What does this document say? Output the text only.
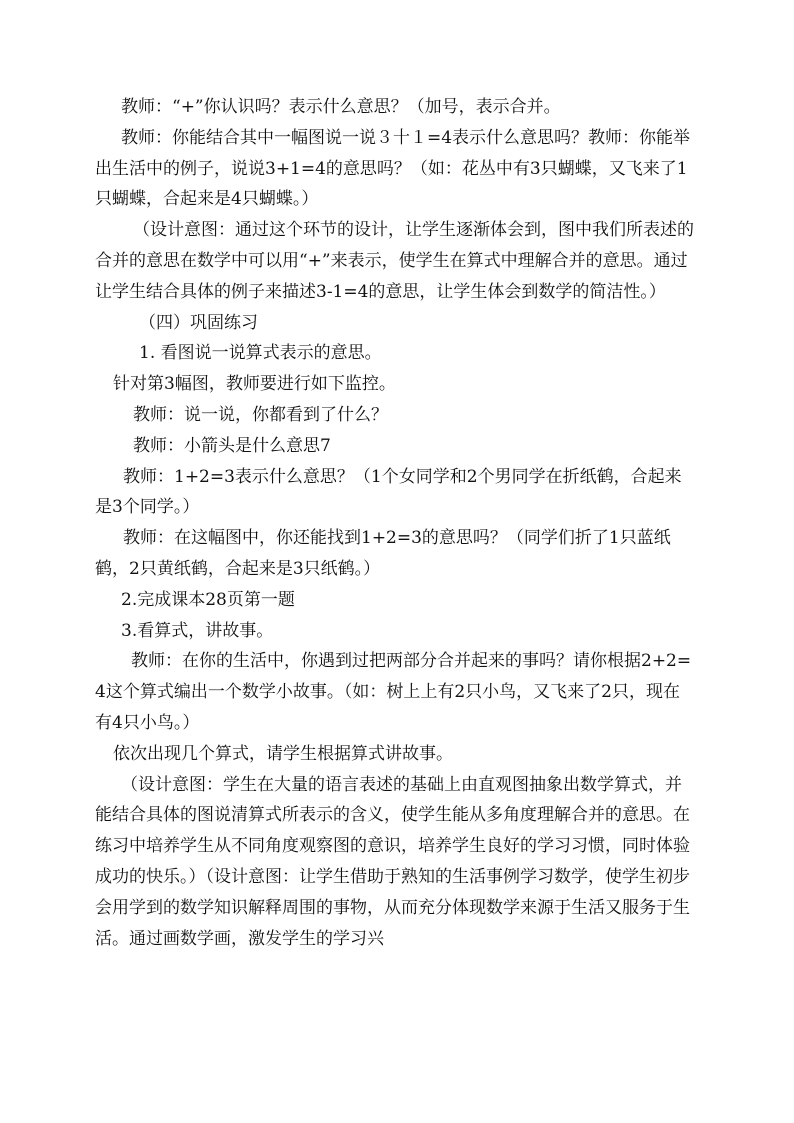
教师：“+”你认识吗？表示什么意思？（加号，表示合并。

教师：你能结合其中一幅图说一说３十１=4表示什么意思吗？教师：你能举出生活中的例子，说说3+1=4的意思吗？（如：花丛中有3只蝴蝶，又飞来了1只蝴蝶，合起来是4只蝴蝶。）

（设计意图：通过这个环节的设计，让学生逐渐体会到，图中我们所表述的合并的意思在数学中可以用“+”来表示，使学生在算式中理解合并的意思。通过让学生结合具体的例子来描述3-1=4的意思，让学生体会到数学的简洁性。）

（四）巩固练习

1. 看图说一说算式表示的意思。

针对第3幅图，教师要进行如下监控。

教师：说一说，你都看到了什么？

教师：小箭头是什么意思7

教师：1+2=3表示什么意思？（1个女同学和2个男同学在折纸鹤，合起来是3个同学。）

教师：在这幅图中，你还能找到1+2=3的意思吗？（同学们折了1只蓝纸鹤，2只黄纸鹤，合起来是3只纸鹤。）

2.完成课本28页第一题

3.看算式，讲故事。

教师：在你的生活中，你遇到过把两部分合并起来的事吗？请你根据2+2=4这个算式编出一个数学小故事。（如：树上上有2只小鸟，又飞来了2只，现在有4只小鸟。）

依次出现几个算式，请学生根据算式讲故事。

（设计意图：学生在大量的语言表述的基础上由直观图抽象出数学算式，并能结合具体的图说清算式所表示的含义，使学生能从多角度理解合并的意思。在练习中培养学生从不同角度观察图的意识，培养学生良好的学习习惯，同时体验成功的快乐。）（设计意图：让学生借助于熟知的生活事例学习数学，使学生初步会用学到的数学知识解释周围的事物，从而充分体现数学来源于生活又服务于生活。通过画数学画，激发学生的学习兴
